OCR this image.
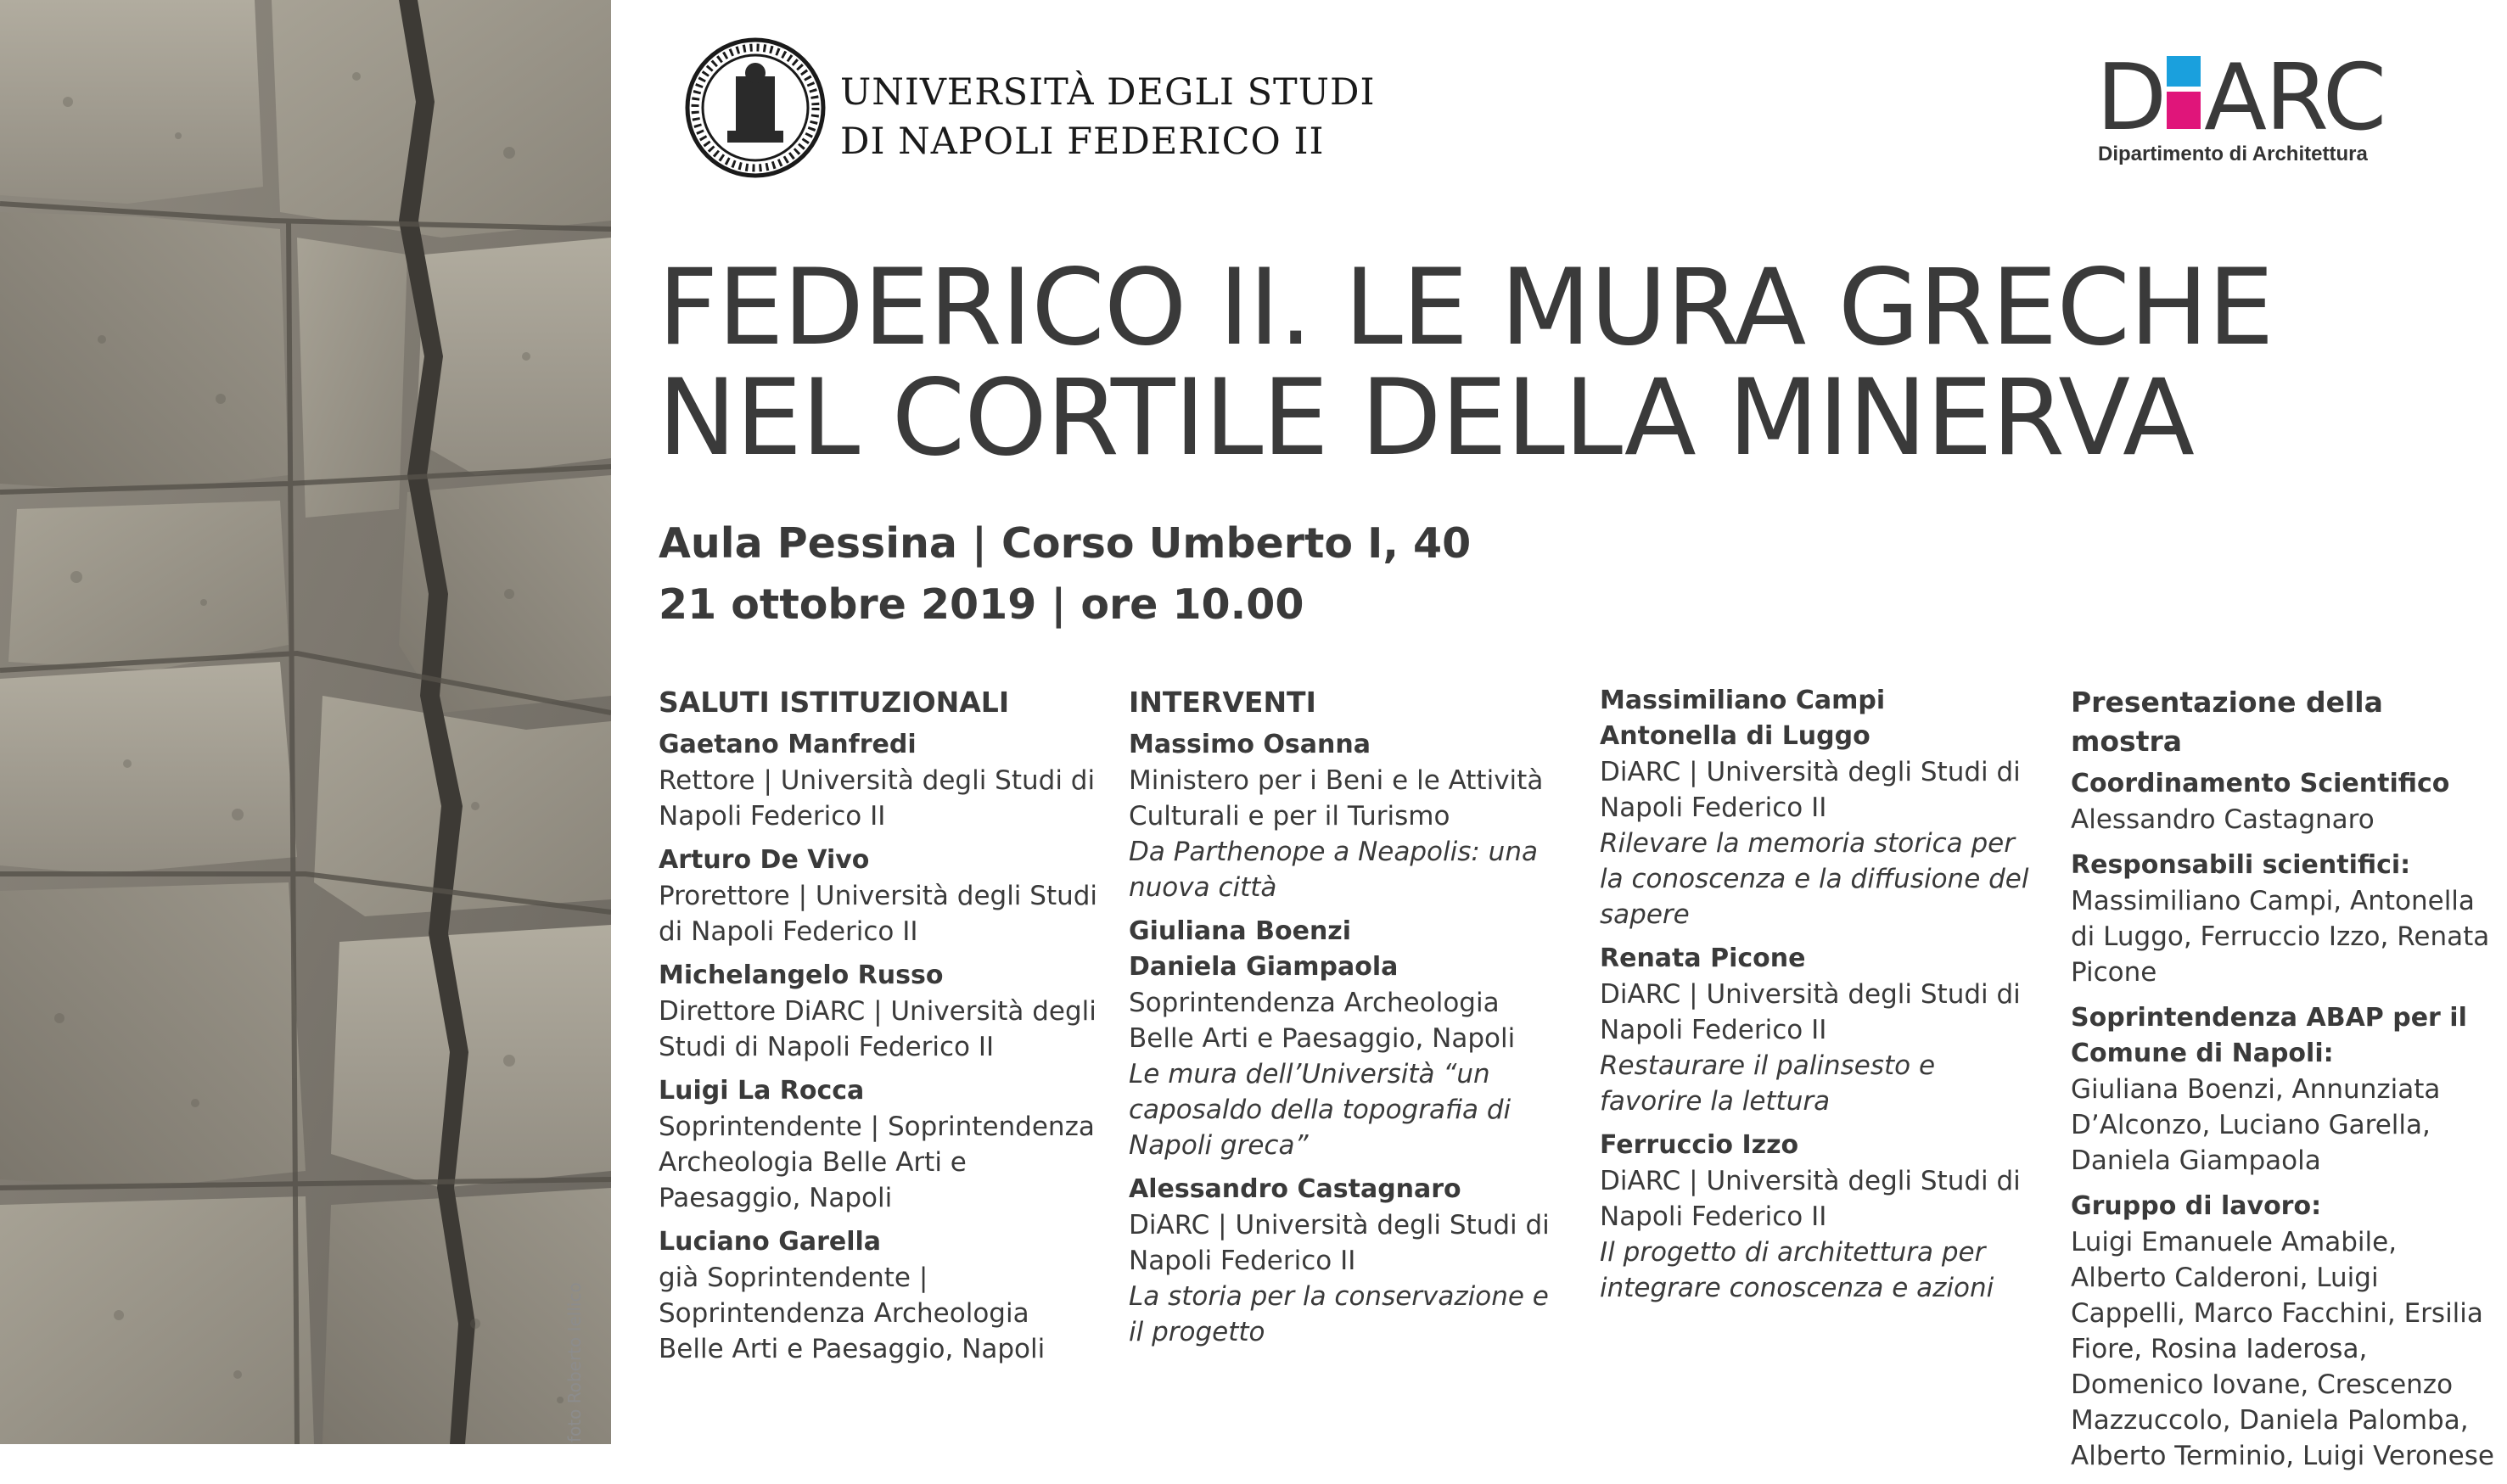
foto Roberto Iellico
UNIVERSITÀ DEGLI STUDI
DI NAPOLI FEDERICO II	D ARC
Dipartimento di Architettura
FEDERICO II. LE MURA GRECHE
NEL CORTILE DELLA MINERVA
Aula Pessina | Corso Umberto I, 40
21 ottobre 2019 | ore 10.00
SALUTI ISTITUZIONALI
Gaetano Manfredi
Rettore | Università degli Studi di Napoli Federico II
Arturo De Vivo
Prorettore | Università degli Studi di Napoli Federico II
Michelangelo Russo
Direttore DiARC | Università degli Studi di Napoli Federico II
Luigi La Rocca
Soprintendente | Soprintendenza Archeologia Belle Arti e Paesaggio, Napoli
Luciano Garella
già Soprintendente | Soprintendenza Archeologia Belle Arti e Paesaggio, Napoli
INTERVENTI
Massimo Osanna
Ministero per i Beni e le Attività Culturali e per il Turismo
Da Parthenope a Neapolis: una nuova città
Giuliana Boenzi
Daniela Giampaola
Soprintendenza Archeologia Belle Arti e Paesaggio, Napoli
Le mura dell’Università “un caposaldo della topografia di Napoli greca”
Alessandro Castagnaro
DiARC | Università degli Studi di Napoli Federico II
La storia per la conservazione e il progetto
Massimiliano Campi
Antonella di Luggo
DiARC | Università degli Studi di Napoli Federico II
Rilevare la memoria storica per la conoscenza e la diffusione del sapere
Renata Picone
DiARC | Università degli Studi di Napoli Federico II
Restaurare il palinsesto e favorire la lettura
Ferruccio Izzo
DiARC | Università degli Studi di Napoli Federico II
Il progetto di architettura per integrare conoscenza e azioni
Presentazione della mostra
Coordinamento Scientifico
Alessandro Castagnaro
Responsabili scientifici:
Massimiliano Campi, Antonella di Luggo, Ferruccio Izzo, Renata Picone
Soprintendenza ABAP per il Comune di Napoli:
Giuliana Boenzi, Annunziata D’Alconzo, Luciano Garella, Daniela Giampaola
Gruppo di lavoro:
Luigi Emanuele Amabile, Alberto Calderoni, Luigi Cappelli, Marco Facchini, Ersilia Fiore, Rosina Iaderosa, Domenico Iovane, Crescenzo Mazzuccolo, Daniela Palomba, Alberto Terminio, Luigi Veronese
